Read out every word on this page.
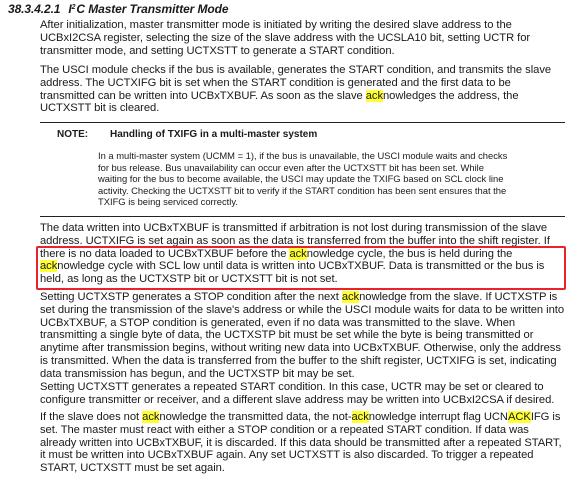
38.3.4.2.1 $I^2C$ Master Transmitter Mode

After initialization, master transmitter mode is initiated by writing the desired slave address to the UCBxI2CSA register, selecting the size of the slave address with the UCSLA10 bit, setting UCTR for transmitter mode, and setting UCTXSTT to generate a START condition.

The USCI module checks if the bus is available, generates the START condition, and transmits the slave address. The UCTXIFG bit is set when the START condition is generated and the first data to be transmitted can be written into UCBxTXBUF. As soon as the slave acknowledges the address, the UCTXSTT bit is cleared.

NOTE: Handling of TXIFG in a multi-master system

In a multi-master system (UCMM = 1), if the bus is unavailable, the USCI module waits and checks for bus release. Bus unavailability can occur even after the UCTXSTT bit has been set. While waiting for the bus to become available, the USCI may update the TXIFG based on SCL clock line activity. Checking the UCTXSTT bit to verify if the START condition has been sent ensures that the TXIFG is being serviced correctly.

The data written into UCBxTXBUF is transmitted if arbitration is not lost during transmission of the slave address. UCTXIFG is set again as soon as the data is transferred from the buffer into the shift register. If there is no data loaded to UCBxTXBUF before the acknowledge cycle, the bus is held during the acknowledge cycle with SCL low until data is written into UCBxTXBUF. Data is transmitted or the bus is held, as long as the UCTXSTP bit or UCTXSTT bit is not set.

Setting UCTXSTP generates a STOP condition after the next acknowledge from the slave. If UCTXSTP is set during the transmission of the slave's address or while the USCI module waits for data to be written into UCBxTXBUF, a STOP condition is generated, even if no data was transmitted to the slave. When transmitting a single byte of data, the UCTXSTP bit must be set while the byte is being transmitted or anytime after transmission begins, without writing new data into UCBxTXBUF. Otherwise, only the address is transmitted. When the data is transferred from the buffer to the shift register, UCTXIFG is set, indicating data transmission has begun, and the UCTXSTP bit may be set.

Setting UCTXSTT generates a repeated START condition. In this case, UCTR may be set or cleared to configure transmitter or receiver, and a different slave address may be written into UCBxI2CSA if desired.

If the slave does not acknowledge the transmitted data, the not-acknowledge interrupt flag UCNACKIFG is set. The master must react with either a STOP condition or a repeated START condition. If data was already written into UCBxTXBUF, it is discarded. If this data should be transmitted after a repeated START, it must be written into UCBxTXBUF again. Any set UCTXSTT is also discarded. To trigger a repeated START, UCTXSTT must be set again.
